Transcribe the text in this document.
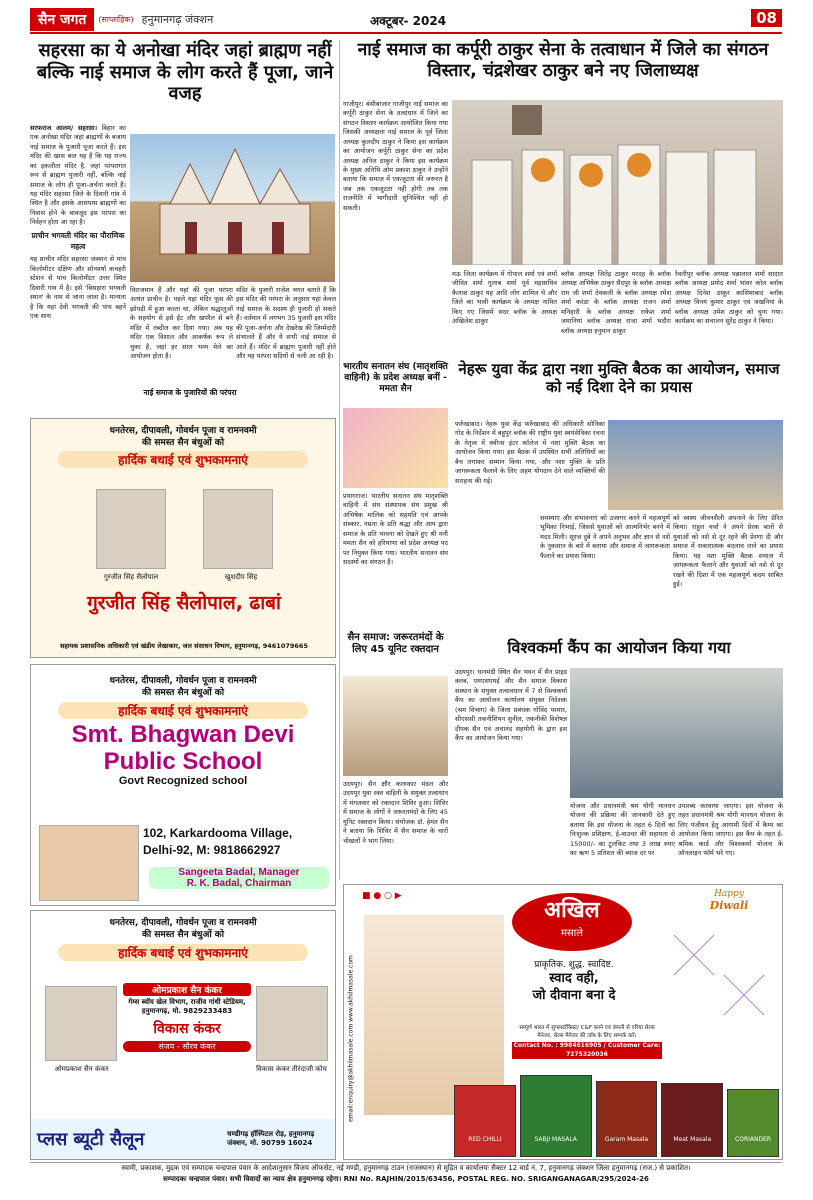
सैन जगत	(साप्ताहिक) हनुमानगढ़ जंक्शन	अक्टूबर- 2024	08
सहरसा का ये अनोखा मंदिर जहां ब्राह्मण नहीं बल्कि नाई समाज के लोग करते हैं पूजा, जाने वजह
सरफराज आलम/ सहरसा। बिहार का एक अनोखा मंदिर जहां ब्राह्मणों के बजाय नाई समाज के पुजारी पूजा करते हैं। इस मंदिर की खास बात यह है कि यह राज्य का इकलौता मंदिर है, जहां परंपरागत रूप से ब्राह्मण पुजारी नहीं, बल्कि नाई समाज के लोग ही पूजा-अर्चना करते हैं। यह मंदिर सहरसा जिले के दिवारी गांव में स्थित है और इसके आसपास ब्राह्मणों का निवास होने के बावजूद इस परंपरा का निर्वहन होता आ रहा है।
प्राचीन भगवती मंदिर का पौराणिक महत्व
यह प्राचीन मंदिर सहरसा जंक्शन से पांच किलोमीटर दक्षिण और सोनवर्षा कचहरी स्टेशन से पांच किलोमीटर उत्तर स्थित दिवारी गांव में है। इसे 'बिसहारा भगवती स्थान' के नाम से जाना जाता है। मान्यता है कि यहां देवी भगवती की पांच बहनें एक साथ
विराजमान हैं और यहां की पूजा परंपरा अत्यंत प्राचीन है। पहले यहां मंदिर फूस की झोपड़ी में हुआ करता था, लेकिन श्रद्धालुओं के सहयोग से इसे ईंट और खपरैल से बने मंदिर में तब्दील कर दिया गया। अब यह मंदिर एक विशाल और आकर्षक रूप ले चुका है, जहां हर साल भव्य मेले का आयोजन होता है।
मंदिर के पुजारी राजेश भगत बताते हैं कि इस मंदिर की परंपरा के अनुसार यहां केवल नाई समाज के सदस्य ही पुजारी हो सकते हैं। वर्तमान में लगभग 35 पुजारी इस मंदिर की पूजा-अर्चना और देखरेख की जिम्मेदारी संभालते हैं और ये सभी नाई समाज से आते हैं। मंदिर में ब्राह्मण पुजारी नहीं होते और यह परंपरा सदियों से चली आ रही है।
नाई समाज के पुजारियों की परंपरा
धनतेरस, दीपावली, गोवर्धन पूजा व रामनवमी
की समस्त सैन बंधुओं को
हार्दिक बधाई एवं शुभकामनाएं
गुरजीत सिंह सैलोपाल	खुशदीप सिंह
गुरजीत सिंह सैलोपाल, ढाबां
सहायक प्रशासनिक अधिकारी एवं खंडीय लेखाकार, जल संसाधन विभाग, हनुमानगढ़, 9461079665
धनतेरस, दीपावली, गोवर्धन पूजा व रामनवमी
की समस्त सैन बंधुओं को
हार्दिक बधाई एवं शुभकामनाएं
Smt. Bhagwan Devi
Public School
Govt Recognized school
102, Karkardooma Village,
Delhi-92, M: 9818662927
Sangeeta Badal, Manager
R. K. Badal, Chairman
धनतेरस, दीपावली, गोवर्धन पूजा व रामनवमी
की समस्त सैन बंधुओं को
हार्दिक बधाई एवं शुभकामनाएं
ओमप्रकाश सैन कंकर
गेम्स ब्वॉय खेल विभाग, राजीव गांधी स्टेडियम, हनुमानगढ़, मो. 9829233483
विकास कंकर
संजय - सौरव कंकर
ओमप्रकाश सैन कंकर	विकास कंकर तीरंदाजी कोच
प्लस ब्यूटी सैलून	चण्डीगढ़ हॉस्पिटल रोड़, हनुमानगढ़ जंक्शन, मो. 90799 16024
नाई समाज का कर्पूरी ठाकुर सेना के तत्वाधान में जिले का संगठन विस्तार, चंद्रशेखर ठाकुर बने नए जिलाध्यक्ष
गाजीपुर। बंसीबाजार गाजीपुर नाई समाज का कर्पूरी ठाकुर सेना के तत्वाधान में जिले का संगठन विस्तार कार्यक्रम आयोजित किया गया जिसकी अध्यक्षता नाई समाज के पूर्व जिला अध्यक्ष कुलदीप ठाकुर ने किया इस कार्यक्रम का आयोजन कर्पूरी ठाकुर सेना का प्रदेश अध्यक्ष अनिल ठाकुर ने किया इस कार्यक्रम के मुख्य अतिथि ओम प्रकाश ठाकुर ने उन्होंने बताया कि समाज में एकजुटता की जरूरत है जब तक एकजुटता नहीं होगी तब तक राजनीति में भागीदारी सुनिश्चित नहीं हो सकती।
मऊ जिला कार्यक्रम में गोपाल शर्मा एवं शर्मा जीवित शर्मा गुलाब शर्मा पूर्व महासचिव कैलाश ठाकुर यह आदि लोग शामिल थे और जिले का भावी कार्यक्रम के अध्यक्ष नामित किए गए जिसमें सदर ब्लॉक के अध्यक्ष अखिलेश ठाकुर
ब्लॉक अध्यक्ष जितेंद्र ठाकुर मरदह के ब्लॉक अध्यक्ष अभिषेक ठाकुर सैदपुर के ब्लॉक अध्यक्ष राम जी शर्मा देवकली के ब्लॉक अध्यक्ष रमेश शर्मा करंडा के ब्लॉक अध्यक्ष राजन शर्मा मनिहारी के ब्लॉक अध्यक्ष राकेश शर्मा जमानियां ब्लॉक अध्यक्ष राजा शर्मा भदौरा ब्लॉक अध्यक्ष हनुमान ठाकुर
रेवतीपुर ब्लॉक अध्यक्ष पन्नालाल शर्मा सादात ब्लॉक अध्यक्ष प्रमोद शर्मा भांवर कोल ब्लॉक अध्यक्ष दिनेश ठाकुर कासिमाबाद ब्लॉक अध्यक्ष विनय कुमार ठाकुर एवं जखनियां के ब्लॉक अध्यक्ष उमेश ठाकुर को चुना गया। कार्यक्रम का संचालन सुरेंद्र ठाकुर ने किया।
भारतीय सनातन संघ (मातृशक्ति वाहिनी) के प्रदेश अध्यक्ष बनीं - ममता सैन
प्रयागराज। भारतीय सनातन संघ मातृशक्ति वाहिनी में संघ संस्थापक संघ प्रमुख श्री अभिषेक मालिक को सहमति एवं आपके संस्कार, नम्रता के प्रति श्रद्धा और आप द्वारा समाज के प्रति भावना को देखते हुए श्री मनी ममता सैन को हरियाणा को प्रदेश अध्यक्ष पद पर नियुक्त किया गया। भारतीय सनातन संघ सदस्यों का संगठन है।
नेहरू युवा केंद्र द्वारा नशा मुक्ति बैठक का आयोजन, समाज को नई दिशा देने का प्रयास
फर्रुखाबाद। नेहरू युवा केंद्र फर्रुखाबाद की अधिकारी सोनिका गोड के निर्देशन में बहुपुर ब्लॉक की राष्ट्रीय युवा स्वयंसेविका रचना के नेतृत्व में क्वीन्स इंटर कॉलेज में नशा मुक्ति बैठक का आयोजन किया गया। इस बैठक में उपस्थित सभी अतिथियों का बैच लगाकर सम्मान किया गया, और नशा मुक्ति के प्रति जागरूकता फैलाने के लिए अहम योगदान देने वाले व्यक्तियों की सराहना की गई।
समस्याएं और संभावनाएं को उजागर करने में महत्वपूर्ण भूमिका निभाई, जिससे युवाओं को आत्मनिर्भर बनने में मदद मिली। सूरज दुबे ने अपने अनुभव और ज्ञान से नशे के नुकसान के बारे में बताया और समाज में जागरूकता फैलाने का प्रयास किया।
को स्वस्थ जीवनशैली अपनाने के लिए प्रेरित किया। राहुल चर्चा ने अपने प्रेरक बातों से युवाओं को नशे से दूर रहने की प्रेरणा दी और समाज में सकारात्मक बदलाव लाने का प्रयास किया। यह नशा मुक्ति बैठक समाज में जागरूकता फैलाने और युवाओं को नशे से दूर रखने की दिशा में एक महत्वपूर्ण कदम साबित हुई।
सैन समाज: जरूरतमंदों के लिए 45 यूनिट रक्तदान
उदयपुर। सैन क्षौर कलाकार मंडल और उदयपुर युवा रक्त वाहिनी के संयुक्त तत्वाधान में मंगलवार को रक्तदान शिविर हुआ। शिविर में समाज के लोगों ने जरूरतमंदों के लिए 45 यूनिट रक्तदान किया। संयोजक डॉ. हेमंत सैन ने बताया कि शिविर में सैन समाज के चारों चोखलों ने भाग लिया।
विश्वकर्मा कैंप का आयोजन किया गया
उदयपुर। धानमंडी स्थित सैन भवन में सैन प्राइड क्लब, एमएसएमई और सैन समाज विकास संस्थान के संयुक्त तत्वावधान में 7 से विश्वकर्मा कैंप का आयोजन कार्यालय संयुक्त निदेशक (श्रम विभाग) के जिला प्रबंधक गोविंद परमार, सीएससी तकनीशियन सुनील, तकनीकी विशेषज्ञ दीपक सैन एवं अचानंद सहयोगी के द्वारा इस कैंप का आयोजन किया गया।
योजना और प्रधानमंत्री श्रम योगी मानधन योजना की प्रक्रिया की जानकारी देते हुए बताया कि इस योजना के तहत 6 दिनों का निःशुल्क प्रशिक्षण, ई-वाउचर की सहायता से 15000/- का टूलकिट तथा 3 लाख रुपए का ऋण 5 प्रतिशत की ब्याज दर पर
उपलब्ध करवाया जाएगा। इस योजना के तहत प्रधानमंत्री श्रम योगी मानधन योजना के लिए पंजीयन हेतु आगामी दिनों में कैम्प का आयोजन किया जाएगा। इस कैंप के तहत ई-श्रमिक कार्ड और विश्वकर्मा योजना के ऑनलाइन फॉर्म भरे गए।
email:enquiry@akhilmasale.com www.akhilmasale.com
■ ● ○ ▶
अखिल
मसाले
प्राकृतिक. शुद्ध. स्वादिष्ट.
स्वाद वही,
जो दीवाना बना दे
Happy
Diwali
सम्पूर्ण भारत में सुपरस्टॉकिस्ट/ C&F बनने एवं कंपनी से एरिया सेल्स मैनेजर, सेल्स मैनेजर की जॉब के लिए सम्पर्क करें।
Contact No. : 9984616905 / Customer Care: 7275320036
RED CHILLI	SABJI MASALA	Garam Masala	Meat Masala	CORIANDER
स्वामी, प्रकाशक, मुद्रक एवं सम्पादक चन्द्रपाल पंवार के आदेशानुसार विजय ऑफसेट, नई मण्डी, हनुमानगढ़ टाउन (राजस्थान) से मुद्रित व कार्यालयः सैक्टर 12 वार्ड नं. 7, हनुमानगढ़ जंक्शन जिला हनुमानगढ़ (राज.) से प्रकाशित।
सम्पादकः चन्द्रपाल पंवार। सभी विवादों का न्याय क्षेत्र हनुमानगढ़ रहेगा। RNI No. RAJHIN/2015/63456, POSTAL REG. NO. SRIGANGANAGAR/295/2024-26
